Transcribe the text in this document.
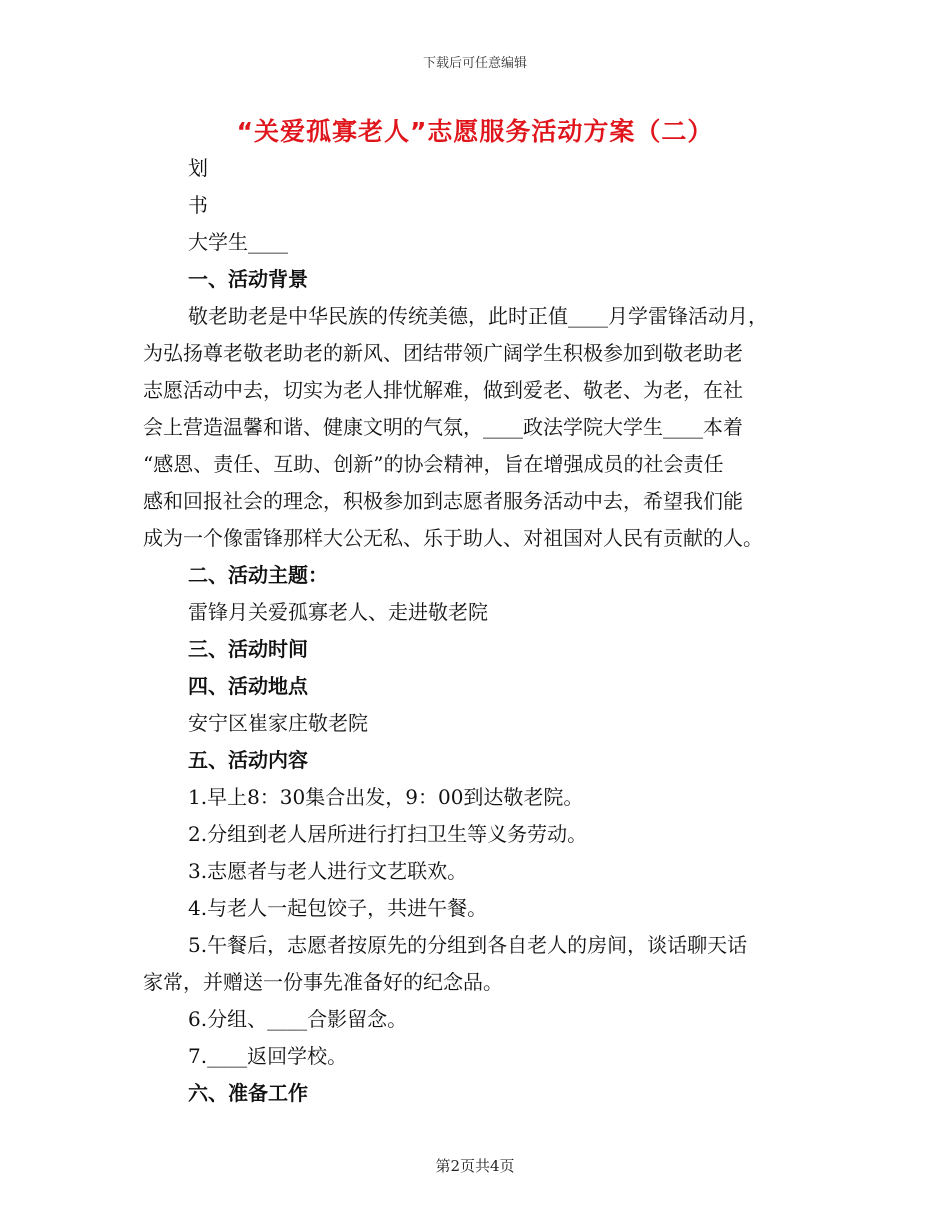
下载后可任意编辑
“关爱孤寡老人”志愿服务活动方案（二）
划
书
大学生____
一、活动背景
敬老助老是中华民族的传统美德，此时正值____月学雷锋活动月，
为弘扬尊老敬老助老的新风、团结带领广阔学生积极参加到敬老助老
志愿活动中去，切实为老人排忧解难，做到爱老、敬老、为老，在社
会上营造温馨和谐、健康文明的气氛，____政法学院大学生____本着
“感恩、责任、互助、创新”的协会精神，旨在增强成员的社会责任
感和回报社会的理念，积极参加到志愿者服务活动中去，希望我们能
成为一个像雷锋那样大公无私、乐于助人、对祖国对人民有贡献的人。
二、活动主题：
雷锋月关爱孤寡老人、走进敬老院
三、活动时间
四、活动地点
安宁区崔家庄敬老院
五、活动内容
1.早上8：30集合出发，9：00到达敬老院。
2.分组到老人居所进行打扫卫生等义务劳动。
3.志愿者与老人进行文艺联欢。
4.与老人一起包饺子，共进午餐。
5.午餐后，志愿者按原先的分组到各自老人的房间，谈话聊天话
家常，并赠送一份事先准备好的纪念品。
6.分组、____合影留念。
7.____返回学校。
六、准备工作
第2页共4页
